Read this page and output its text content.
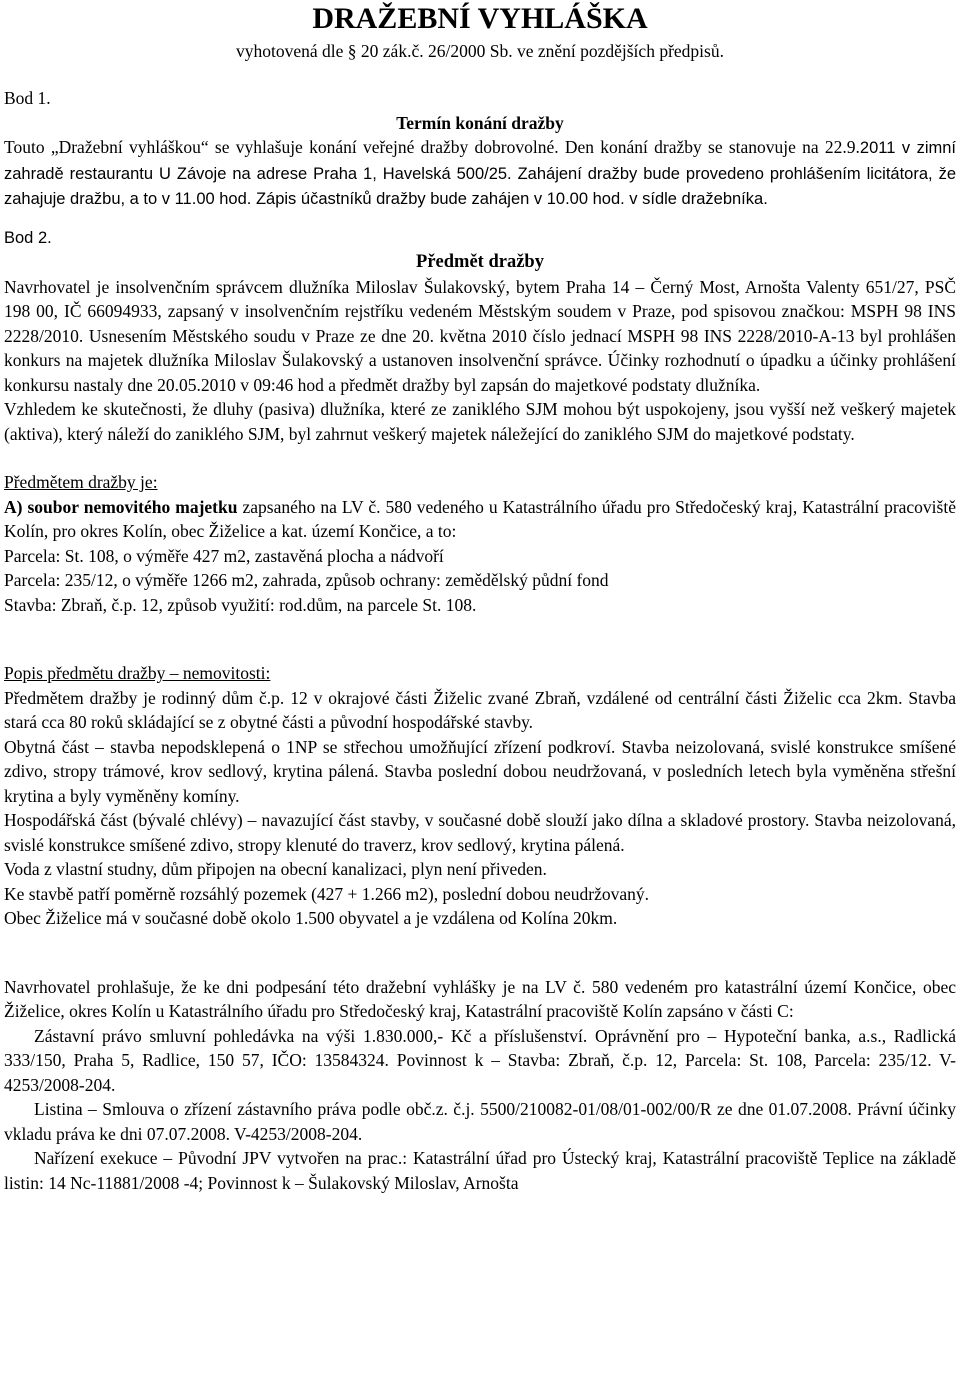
DRAŽEBNÍ VYHLÁŠKA
vyhotovená dle § 20 zák.č. 26/2000 Sb. ve znění pozdějších předpisů.

Bod 1.

Termín konání dražby

Touto „Dražební vyhláškou“ se vyhlašuje konání veřejné dražby dobrovolné. Den konání dražby se stanovuje na 22.9.2011 v zimní zahradě restaurantu U Závoje na adrese Praha 1, Havelská 500/25. Zahájení dražby bude provedeno prohlášením licitátora, že zahajuje dražbu, a to v 11.00 hod. Zápis účastníků dražby bude zahájen v 10.00 hod. v sídle dražebníka.

Bod 2.

Předmět dražby

Navrhovatel je insolvenčním správcem dlužníka Miloslav Šulakovský, bytem Praha 14 – Černý Most, Arnošta Valenty 651/27, PSČ 198 00, IČ 66094933, zapsaný v insolvenčním rejstříku vedeném Městským soudem v Praze, pod spisovou značkou: MSPH 98 INS 2228/2010. Usnesením Městského soudu v Praze ze dne 20. května 2010 číslo jednací MSPH 98 INS 2228/2010-A-13 byl prohlášen konkurs na majetek dlužníka Miloslav Šulakovský a ustanoven insolvenční správce. Účinky rozhodnutí o úpadku a účinky prohlášení konkursu nastaly dne 20.05.2010 v 09:46 hod a předmět dražby byl zapsán do majetkové podstaty dlužníka.

Vzhledem ke skutečnosti, že dluhy (pasiva) dlužníka, které ze zaniklého SJM mohou být uspokojeny, jsou vyšší než veškerý majetek (aktiva), který náleží do zaniklého SJM, byl zahrnut veškerý majetek náležející do zaniklého SJM do majetkové podstaty.

Předmětem dražby je:

A) soubor nemovitého majetku zapsaného na LV č. 580 vedeného u Katastrálního úřadu pro Středočeský kraj, Katastrální pracoviště Kolín, pro okres Kolín, obec Žiželice a kat. území Končice, a to:

Parcela: St. 108, o výměře 427 m2, zastavěná plocha a nádvoří

Parcela: 235/12, o výměře 1266 m2, zahrada, způsob ochrany: zemědělský půdní fond

Stavba: Zbraň, č.p. 12, způsob využití: rod.dům, na parcele St. 108.

Popis předmětu dražby – nemovitosti:

Předmětem dražby je rodinný dům č.p. 12 v okrajové části Žiželic zvané Zbraň, vzdálené od centrální části Žiželic cca 2km. Stavba stará cca 80 roků skládající se z obytné části a původní hospodářské stavby.

Obytná část – stavba nepodsklepená o 1NP se střechou umožňující zřízení podkroví. Stavba neizolovaná, svislé konstrukce smíšené zdivo, stropy trámové, krov sedlový, krytina pálená. Stavba poslední dobou neudržovaná, v posledních letech byla vyměněna střešní krytina a byly vyměněny komíny.

Hospodářská část (bývalé chlévy) – navazující část stavby, v současné době slouží jako dílna a skladové prostory. Stavba neizolovaná, svislé konstrukce smíšené zdivo, stropy klenuté do traverz, krov sedlový, krytina pálená.

Voda z vlastní studny, dům připojen na obecní kanalizaci, plyn není přiveden.

Ke stavbě patří poměrně rozsáhlý pozemek (427 + 1.266 m2), poslední dobou neudržovaný.

Obec Žiželice má v současné době okolo 1.500 obyvatel a je vzdálena od Kolína 20km.

Navrhovatel prohlašuje, že ke dni podpesání této dražební vyhlášky je na LV č. 580 vedeném pro katastrální území Končice, obec Žiželice, okres Kolín u Katastrálního úřadu pro Středočeský kraj, Katastrální pracoviště Kolín zapsáno v části C:

Zástavní právo smluvní pohledávka na výši 1.830.000,- Kč a příslušenství. Oprávnění pro – Hypoteční banka, a.s., Radlická 333/150, Praha 5, Radlice, 150 57, IČO: 13584324. Povinnost k – Stavba: Zbraň, č.p. 12, Parcela: St. 108, Parcela: 235/12. V-4253/2008-204.

Listina – Smlouva o zřízení zástavního práva podle obč.z. č.j. 5500/210082-01/08/01-002/00/R ze dne 01.07.2008. Právní účinky vkladu práva ke dni 07.07.2008. V-4253/2008-204.

Nařízení exekuce – Původní JPV vytvořen na prac.: Katastrální úřad pro Ústecký kraj, Katastrální pracoviště Teplice na základě listin: 14 Nc-11881/2008 -4; Povinnost k – Šulakovský Miloslav, Arnošta
